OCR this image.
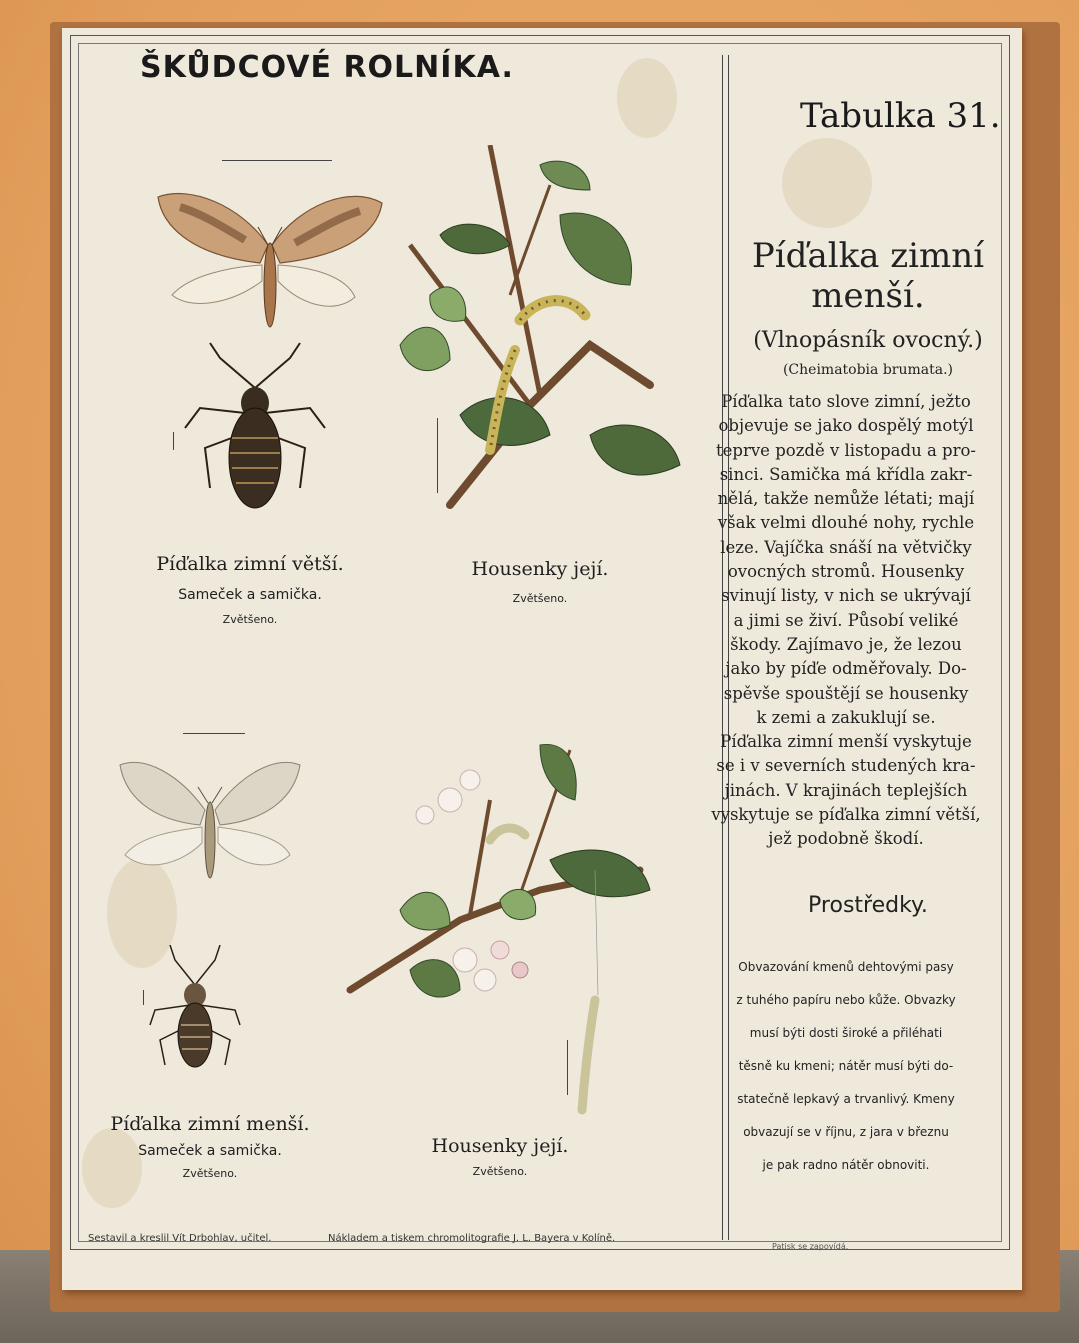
ŠKŮDCOVÉ ROLNÍKA.
Tabulka 31.
Píďalka zimní
menší.
(Vlnopásník ovocný.)
(Cheimatobia brumata.)

Píďalka tato slove zimní, ježto

objevuje se jako dospělý motýl

teprve pozdě v listopadu a pro-

sinci. Samička má křídla zakr-

nělá, takže nemůže létati; mají

však velmi dlouhé nohy, rychle

leze. Vajíčka snáší na větvičky

ovocných stromů. Housenky

svinují listy, v nich se ukrývají

a jimi se živí. Působí veliké

škody. Zajímavo je, že lezou

jako by píďe odměřovaly. Do-

spěvše spouštějí se housenky

k zemi a zakuklují se.

Píďalka zimní menší vyskytuje

se i v severních studených kra-

jinách. V krajinách teplejších

vyskytuje se píďalka zimní větší,

jež podobně škodí.

Prostředky.

Obvazování kmenů dehtovými pasy

z tuhého papíru nebo kůže. Obvazky

musí býti dosti široké a přiléhati

těsně ku kmeni; nátěr musí býti do-

statečně lepkavý a trvanlivý. Kmeny

obvazují se v říjnu, z jara v březnu

je pak radno nátěr obnoviti.

Píďalka zimní větší.
Sameček a samička.
Zvětšeno.
Housenky její.
Zvětšeno.
Píďalka zimní menší.
Sameček a samička.
Zvětšeno.
Housenky její.
Zvětšeno.
Sestavil a kreslil Vít Drbohlav, učitel.	Nákladem a tiskem chromolitografie J. L. Bayera v Kolíně.
Patisk se zapovídá.
